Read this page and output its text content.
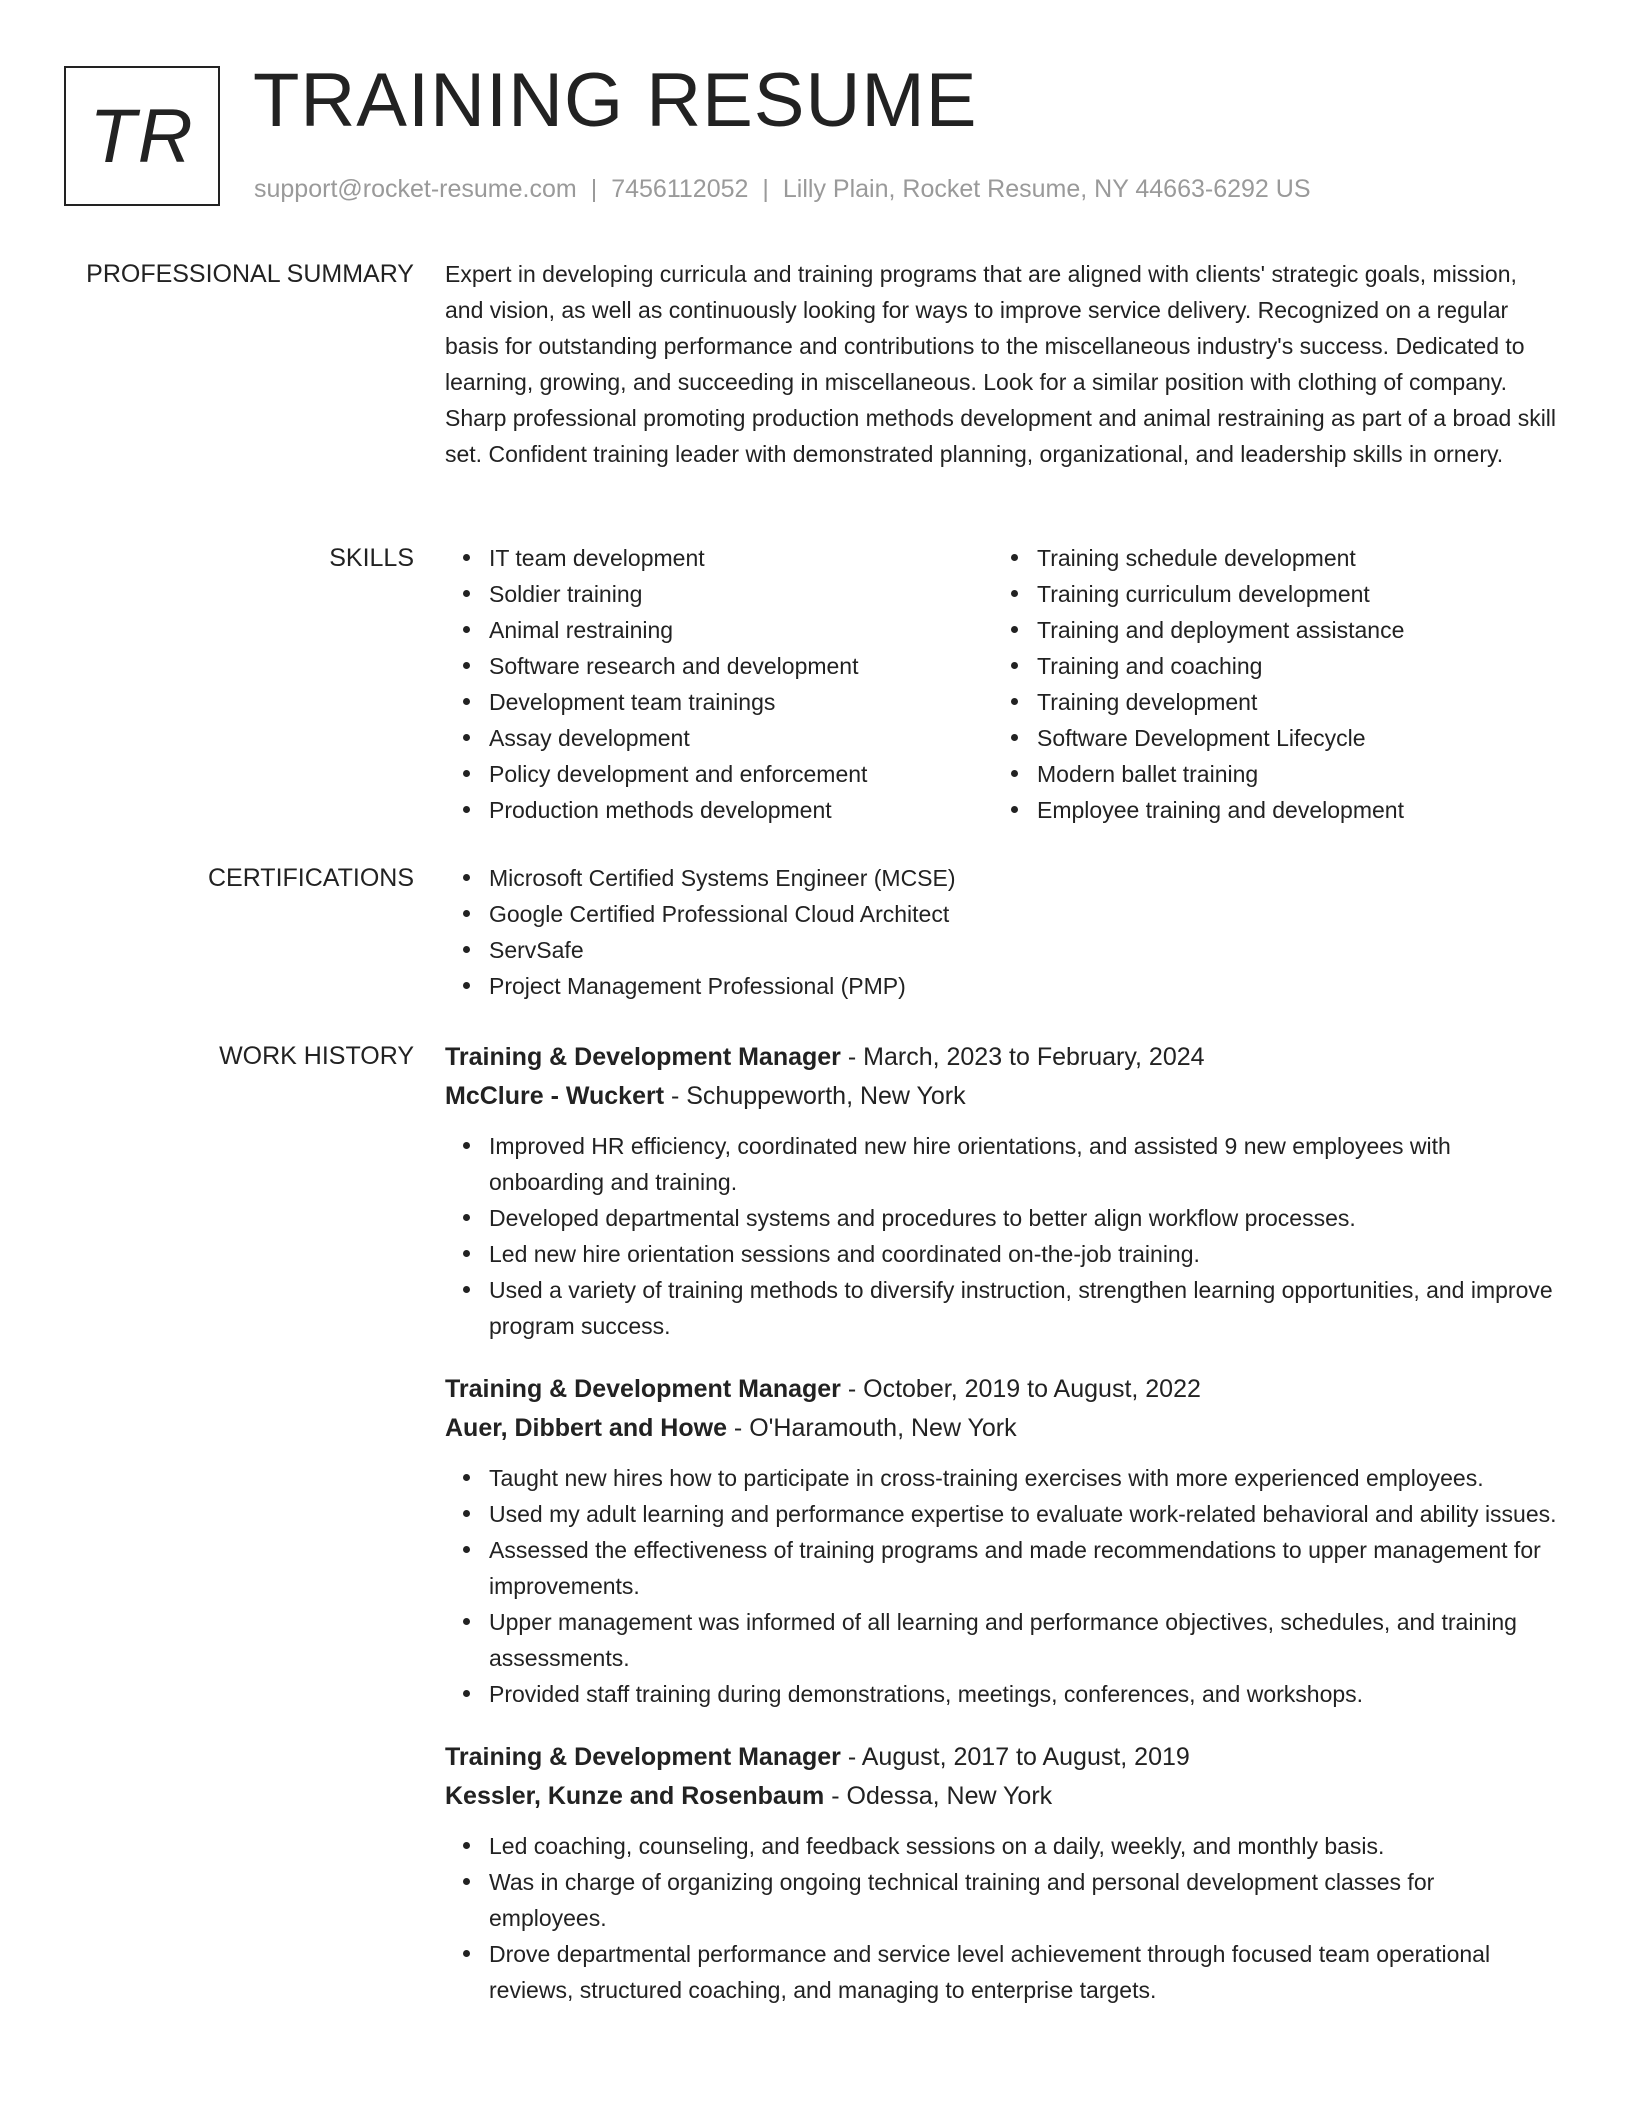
TR TRAINING RESUME
support@rocket-resume.com | 7456112052 | Lilly Plain, Rocket Resume, NY 44663-6292 US
PROFESSIONAL SUMMARY Expert in developing curricula and training programs that are aligned with clients' strategic goals, mission, and vision, as well as continuously looking for ways to improve service delivery. Recognized on a regular basis for outstanding performance and contributions to the miscellaneous industry's success. Dedicated to learning, growing, and succeeding in miscellaneous. Look for a similar position with clothing of company. Sharp professional promoting production methods development and animal restraining as part of a broad skill set. Confident training leader with demonstrated planning, organizational, and leadership skills in ornery.

SKILLS	IT team development
Soldier training
Animal restraining
Software research and development
Development team trainings
Assay development
Policy development and enforcement
Production methods development
Training schedule development
Training curriculum development
Training and deployment assistance
Training and coaching
Training development
Software Development Lifecycle
Modern ballet training
Employee training and development
CERTIFICATIONS	Microsoft Certified Systems Engineer (MCSE)
Google Certified Professional Cloud Architect
ServSafe
Project Management Professional (PMP)
WORK HISTORY Training & Development Manager - March, 2023 to February, 2024
McClure - Wuckert - Schuppeworth, New York
Improved HR efficiency, coordinated new hire orientations, and assisted 9 new employees with onboarding and training.
Developed departmental systems and procedures to better align workflow processes.
Led new hire orientation sessions and coordinated on-the-job training.
Used a variety of training methods to diversify instruction, strengthen learning opportunities, and improve program success.
Training & Development Manager - October, 2019 to August, 2022
Auer, Dibbert and Howe - O'Haramouth, New York
Taught new hires how to participate in cross-training exercises with more experienced employees.
Used my adult learning and performance expertise to evaluate work-related behavioral and ability issues.
Assessed the effectiveness of training programs and made recommendations to upper management for improvements.
Upper management was informed of all learning and performance objectives, schedules, and training assessments.
Provided staff training during demonstrations, meetings, conferences, and workshops.
Training & Development Manager - August, 2017 to August, 2019
Kessler, Kunze and Rosenbaum - Odessa, New York
Led coaching, counseling, and feedback sessions on a daily, weekly, and monthly basis.
Was in charge of organizing ongoing technical training and personal development classes for employees.
Drove departmental performance and service level achievement through focused team operational reviews, structured coaching, and managing to enterprise targets.
